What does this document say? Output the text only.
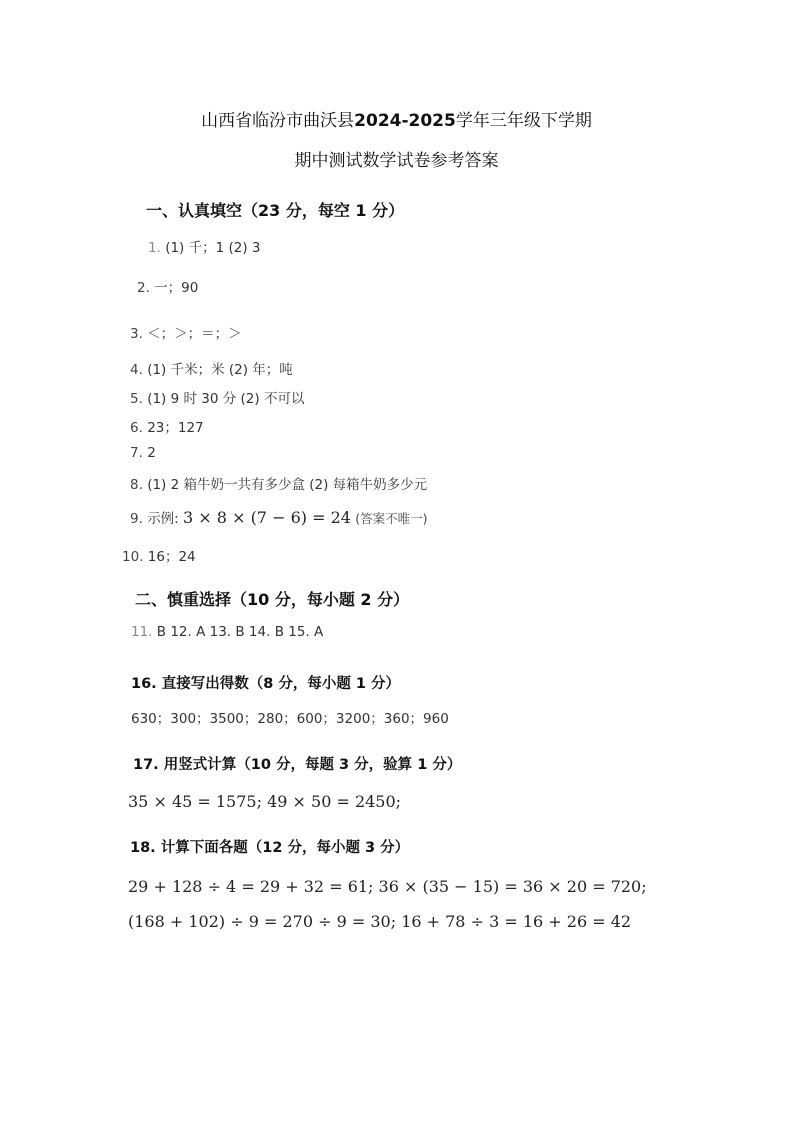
山西省临汾市曲沃县2024-2025学年三年级下学期
期中测试数学试卷参考答案
一、认真填空（23 分，每空 1 分）
1. (1) 千；1 (2) 3
2. 一；90
3. ＜；＞；＝；＞
4. (1) 千米；米 (2) 年；吨
5. (1) 9 时 30 分 (2) 不可以
6. 23；127
7. 2
8. (1) 2 箱牛奶一共有多少盒 (2) 每箱牛奶多少元
9. 示例: 3 × 8 × (7 − 6) = 24 (答案不唯一)
10. 16；24
二、慎重选择（10 分，每小题 2 分）
11. B 12. A 13. B 14. B 15. A
16. 直接写出得数（8 分，每小题 1 分）
630；300；3500；280；600；3200；360；960
17. 用竖式计算（10 分，每题 3 分，验算 1 分）
35 × 45 = 1575; 49 × 50 = 2450;
18. 计算下面各题（12 分，每小题 3 分）
29 + 128 ÷ 4 = 29 + 32 = 61; 36 × (35 − 15) = 36 × 20 = 720;
(168 + 102) ÷ 9 = 270 ÷ 9 = 30; 16 + 78 ÷ 3 = 16 + 26 = 42
